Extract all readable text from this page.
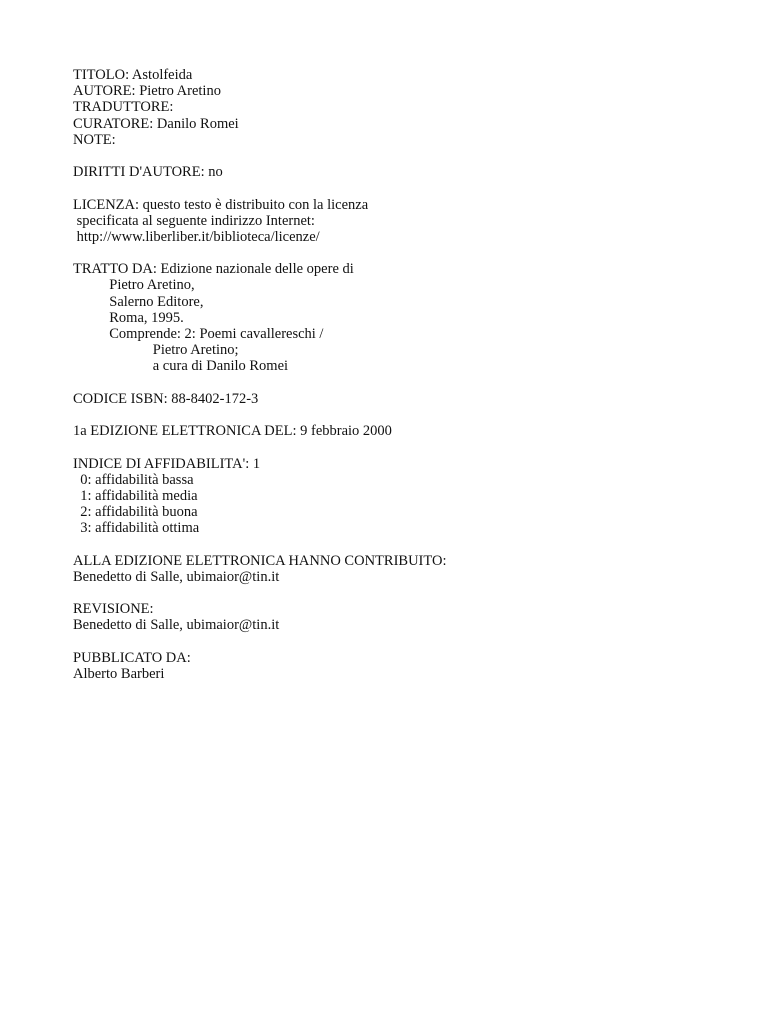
TITOLO: Astolfeida
AUTORE: Pietro Aretino
TRADUTTORE:
CURATORE: Danilo Romei
NOTE:
DIRITTI D'AUTORE: no
LICENZA: questo testo è distribuito con la licenza
specificata al seguente indirizzo Internet:
http://www.liberliber.it/biblioteca/licenze/
TRATTO DA: Edizione nazionale delle opere di
Pietro Aretino,
Salerno Editore,
Roma, 1995.
Comprende: 2: Poemi cavallereschi /
Pietro Aretino;
a cura di Danilo Romei
CODICE ISBN: 88-8402-172-3
1a EDIZIONE ELETTRONICA DEL: 9 febbraio 2000
INDICE DI AFFIDABILITA': 1
0: affidabilità bassa
1: affidabilità media
2: affidabilità buona
3: affidabilità ottima
ALLA EDIZIONE ELETTRONICA HANNO CONTRIBUITO:
Benedetto di Salle, ubimaior@tin.it
REVISIONE:
Benedetto di Salle, ubimaior@tin.it
PUBBLICATO DA:
Alberto Barberi
